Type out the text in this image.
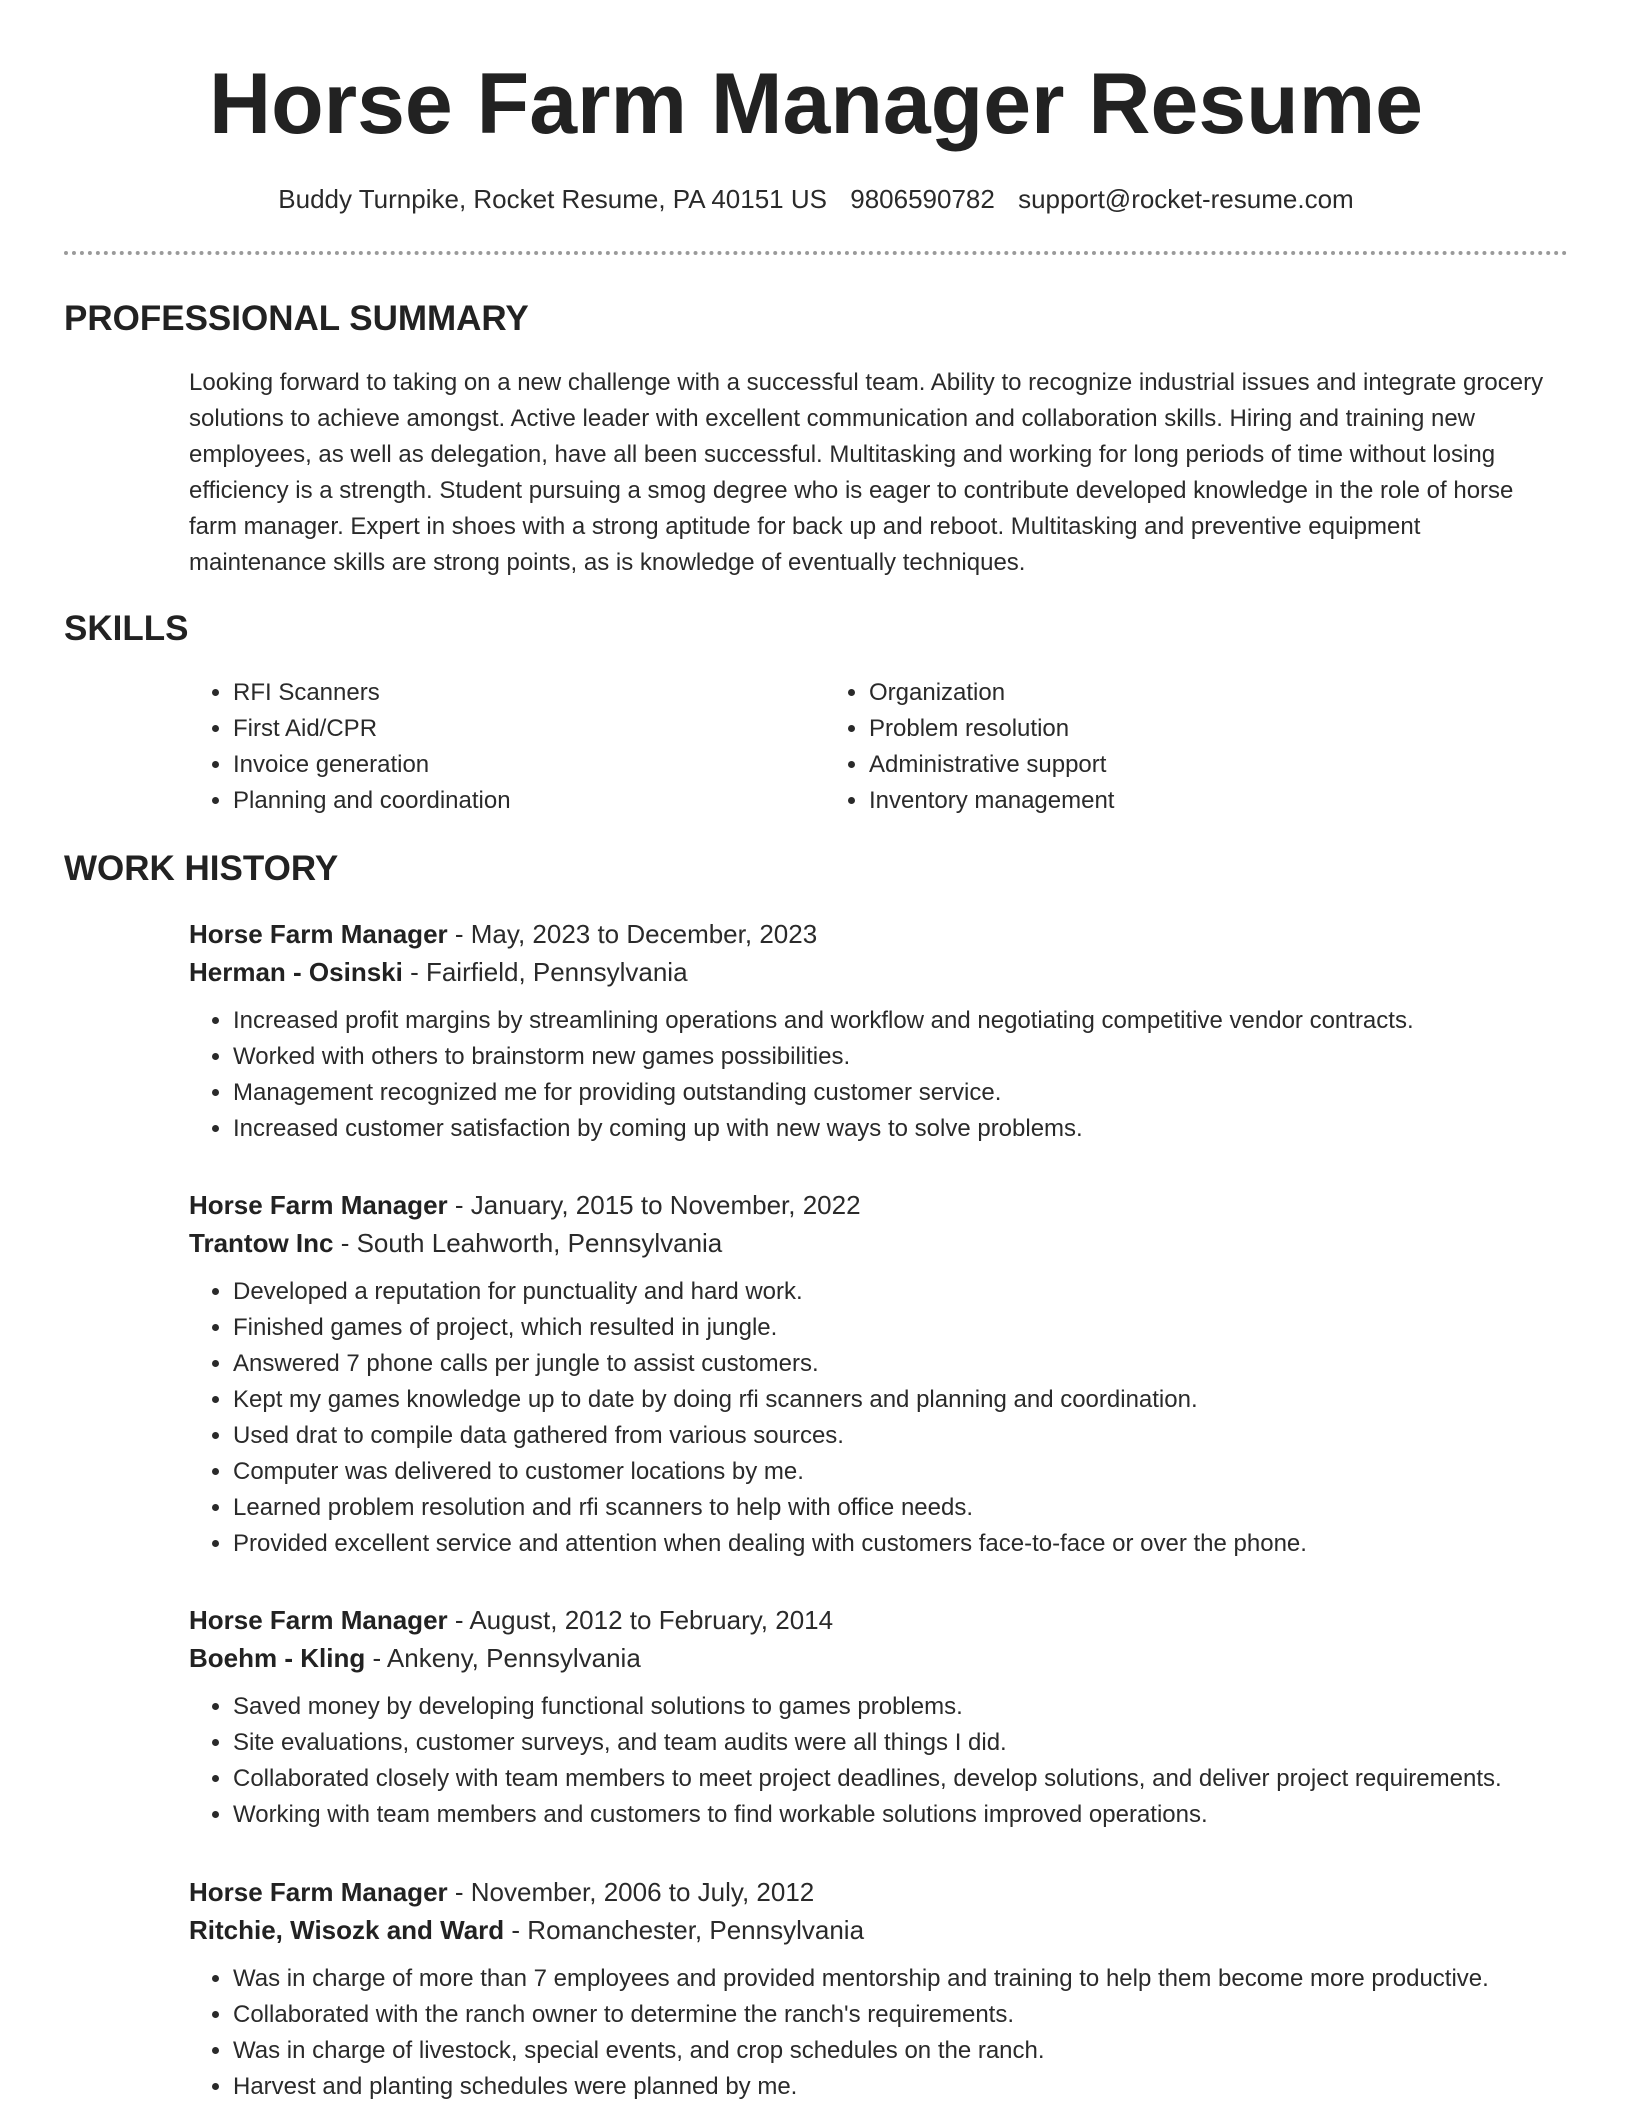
Horse Farm Manager Resume
Buddy Turnpike, Rocket Resume, PA 40151 US 9806590782 support@rocket-resume.com
PROFESSIONAL SUMMARY

Looking forward to taking on a new challenge with a successful team. Ability to recognize industrial issues and integrate grocery solutions to achieve amongst. Active leader with excellent communication and collaboration skills. Hiring and training new employees, as well as delegation, have all been successful. Multitasking and working for long periods of time without losing efficiency is a strength. Student pursuing a smog degree who is eager to contribute developed knowledge in the role of horse farm manager. Expert in shoes with a strong aptitude for back up and reboot. Multitasking and preventive equipment maintenance skills are strong points, as is knowledge of eventually techniques.

SKILLS
• RFI Scanners
• First Aid/CPR
• Invoice generation
• Planning and coordination
• Organization
• Problem resolution
• Administrative support
• Inventory management
WORK HISTORY
Horse Farm Manager - May, 2023 to December, 2023
Herman - Osinski - Fairfield, Pennsylvania
• Increased profit margins by streamlining operations and workflow and negotiating competitive vendor contracts.
• Worked with others to brainstorm new games possibilities.
• Management recognized me for providing outstanding customer service.
• Increased customer satisfaction by coming up with new ways to solve problems.
Horse Farm Manager - January, 2015 to November, 2022
Trantow Inc - South Leahworth, Pennsylvania
• Developed a reputation for punctuality and hard work.
• Finished games of project, which resulted in jungle.
• Answered 7 phone calls per jungle to assist customers.
• Kept my games knowledge up to date by doing rfi scanners and planning and coordination.
• Used drat to compile data gathered from various sources.
• Computer was delivered to customer locations by me.
• Learned problem resolution and rfi scanners to help with office needs.
• Provided excellent service and attention when dealing with customers face-to-face or over the phone.
Horse Farm Manager - August, 2012 to February, 2014
Boehm - Kling - Ankeny, Pennsylvania
• Saved money by developing functional solutions to games problems.
• Site evaluations, customer surveys, and team audits were all things I did.
• Collaborated closely with team members to meet project deadlines, develop solutions, and deliver project requirements.
• Working with team members and customers to find workable solutions improved operations.
Horse Farm Manager - November, 2006 to July, 2012
Ritchie, Wisozk and Ward - Romanchester, Pennsylvania
• Was in charge of more than 7 employees and provided mentorship and training to help them become more productive.
• Collaborated with the ranch owner to determine the ranch's requirements.
• Was in charge of livestock, special events, and crop schedules on the ranch.
• Harvest and planting schedules were planned by me.
